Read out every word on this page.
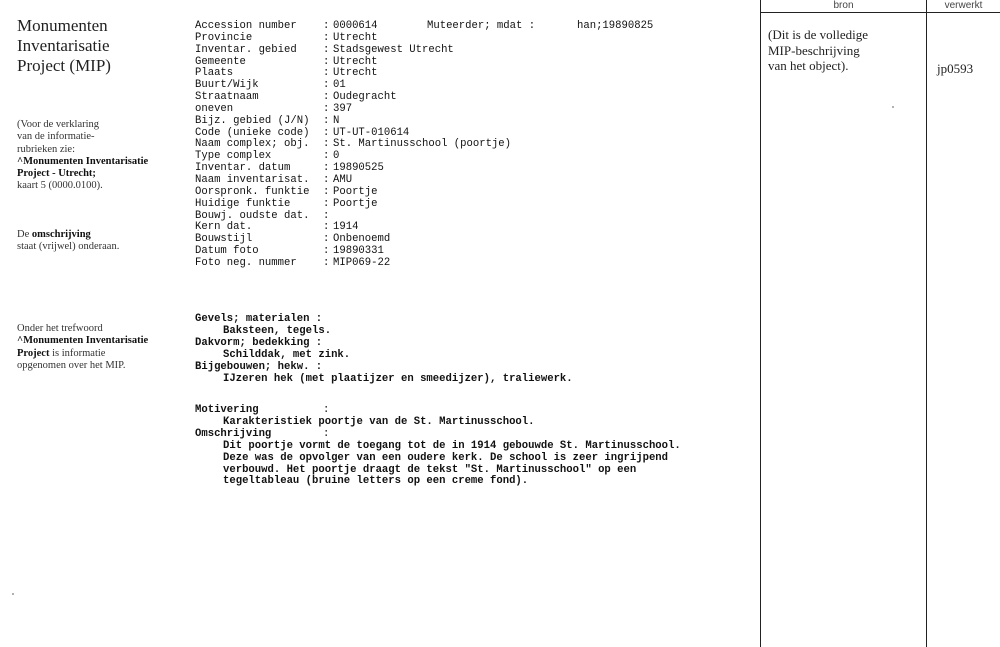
Monumenten
Inventarisatie
Project (MIP)
(Voor de verklaring
van de informatie-
rubrieken zie:
^Monumenten Inventarisatie
Project - Utrecht;
kaart 5 (0000.0100).
De omschrijving
staat (vrijwel) onderaan.
Onder het trefwoord
^Monumenten Inventarisatie
Project is informatie
opgenomen over het MIP.
Accession number	: 0000614
Provincie	: Utrecht
Inventar. gebied	: Stadsgewest Utrecht
Gemeente	: Utrecht
Plaats	: Utrecht
Buurt/Wijk	: 01
Straatnaam	: Oudegracht
oneven	: 397
Bijz. gebied (J/N)	: N
Code (unieke code)	: UT-UT-010614
Naam complex; obj.	: St. Martinusschool (poortje)
Type complex	: 0
Inventar. datum	: 19890525
Naam inventarisat.	: AMU
Oorspronk. funktie	: Poortje
Huidige funktie	: Poortje
Bouwj. oudste dat.	:
Kern dat.	: 1914
Bouwstijl	: Onbenoemd
Datum foto	: 19890331
Foto neg. nummer	: MIP069-22
Muteerder; mdat :	han;19890825
Gevels; materialen :
Baksteen, tegels.
Dakvorm; bedekking :
Schilddak, met zink.
Bijgebouwen; hekw. :
IJzeren hek (met plaatijzer en smeedijzer), traliewerk.
Motivering	:
Karakteristiek poortje van de St. Martinusschool.
Omschrijving	:
Dit poortje vormt de toegang tot de in 1914 gebouwde St. Martinusschool.
Deze was de opvolger van een oudere kerk. De school is zeer ingrijpend
verbouwd. Het poortje draagt de tekst "St. Martinusschool" op een
tegeltableau (bruine letters op een creme fond).
bron	verwerkt
(Dit is de volledige
MIP-beschrijving
van het object).	jp0593
